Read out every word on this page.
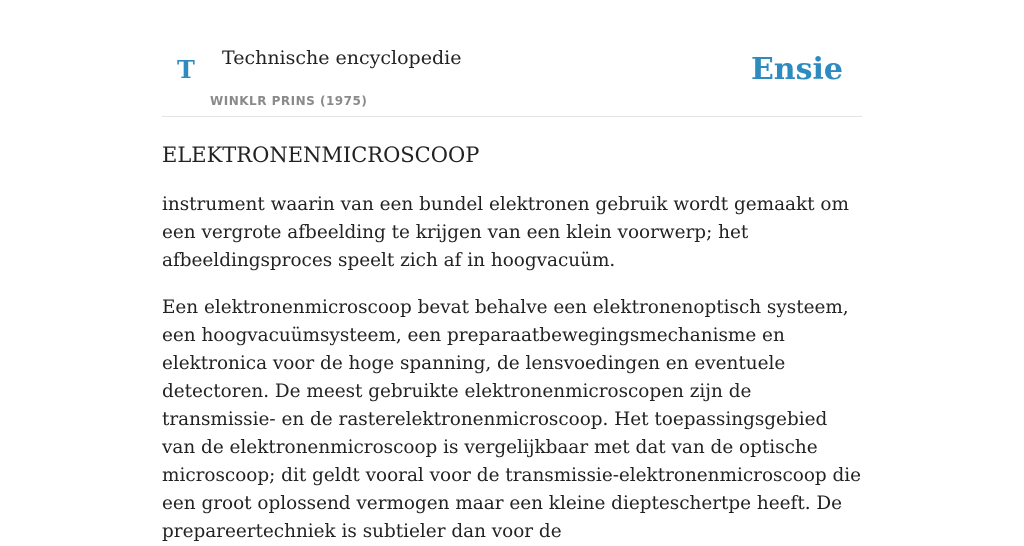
T Technische encyclopedie
WINKLR PRINS (1975)
Ensie
ELEKTRONENMICROSCOOP

instrument waarin van een bundel elektronen gebruik wordt gemaakt om een vergrote afbeelding te krijgen van een klein voorwerp; het afbeeldingsproces speelt zich af in hoogvacuüm.

Een elektronenmicroscoop bevat behalve een elektronenoptisch systeem, een hoogvacuümsysteem, een preparaatbewegingsmechanisme en elektronica voor de hoge spanning, de lensvoedingen en eventuele detectoren. De meest gebruikte elektronenmicroscopen zijn de transmissie- en de rasterelektronenmicroscoop. Het toepassingsgebied van de elektronenmicroscoop is vergelijkbaar met dat van de optische microscoop; dit geldt vooral voor de transmissie-elektronenmicroscoop die een groot oplossend vermogen maar een kleine diepteschertpe heeft. De prepareertechniek is subtieler dan voor de
